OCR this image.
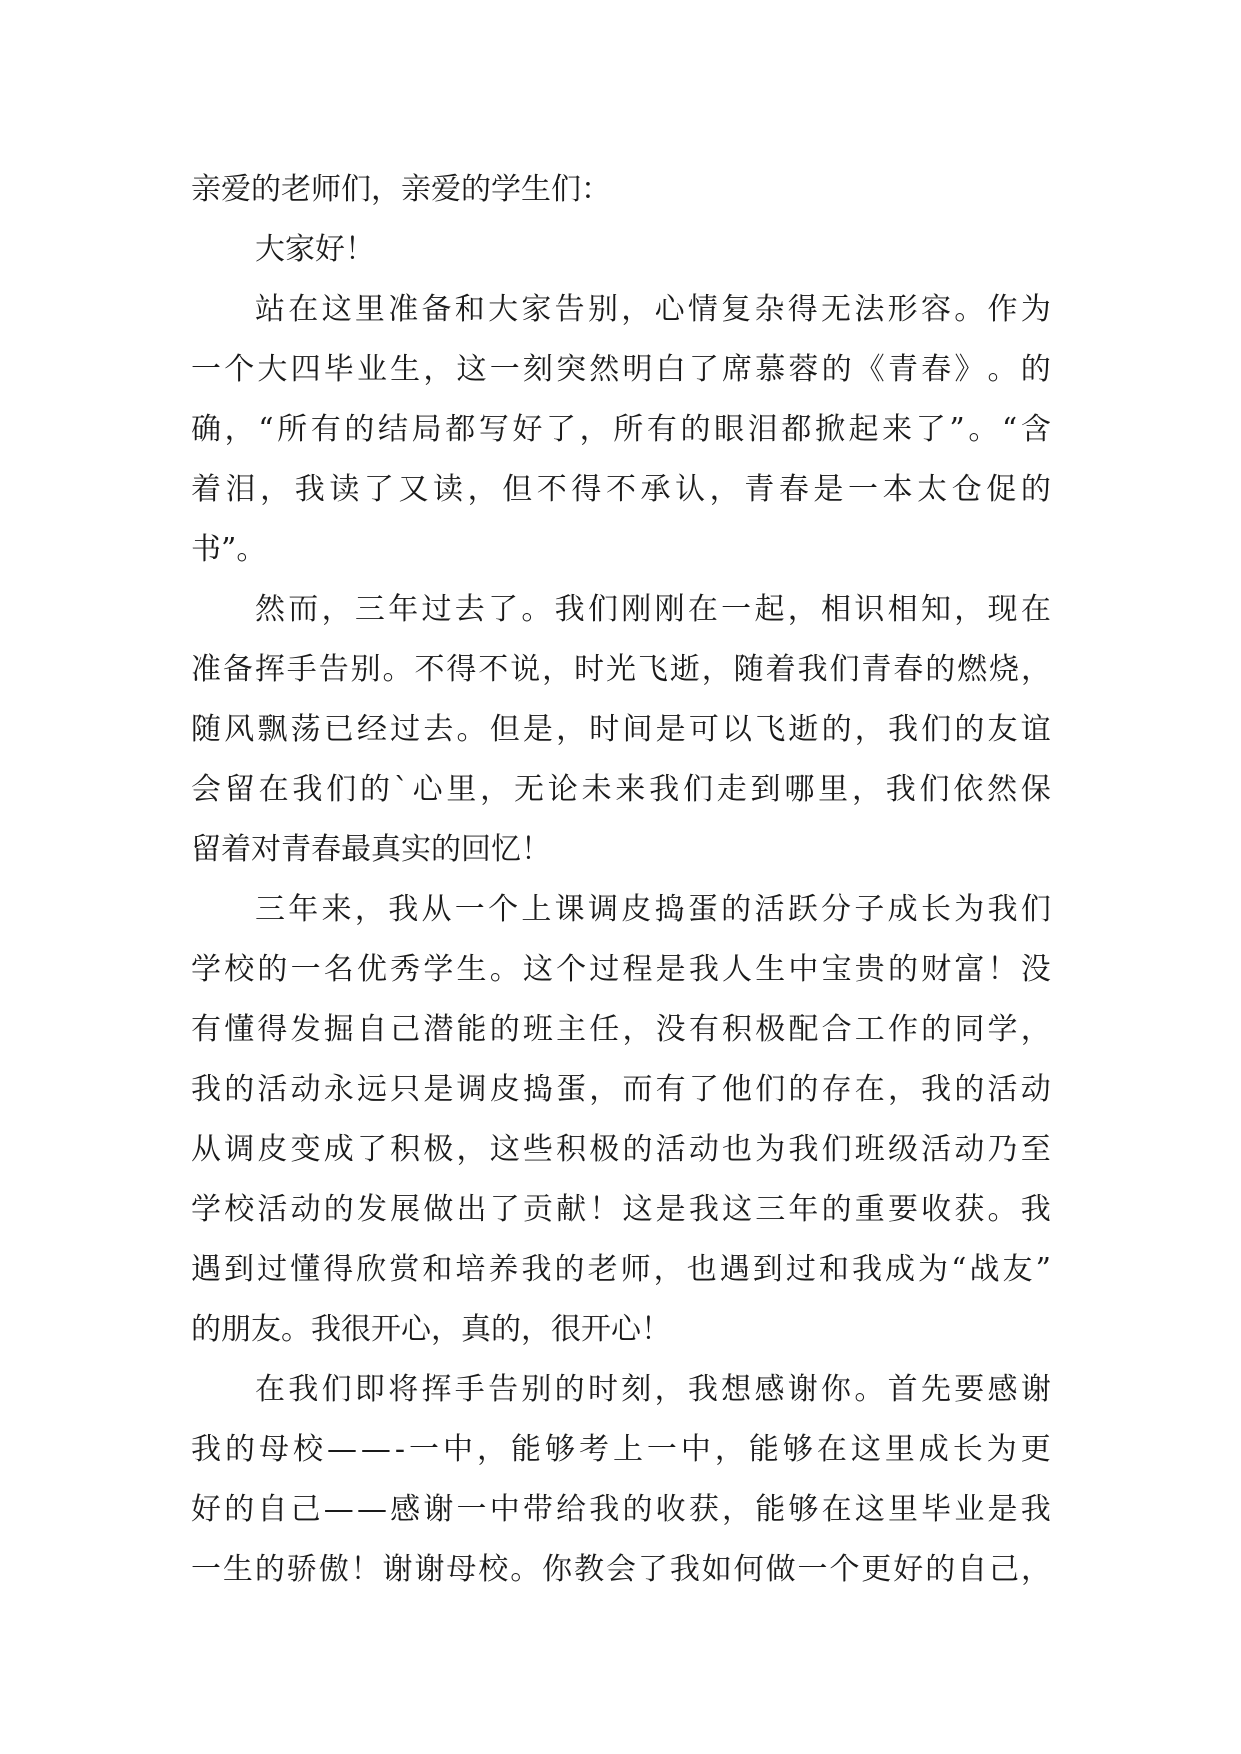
亲爱的老师们，亲爱的学生们：
大家好！
站 在 这 里 准 备 和 大 家 告 别 ， 心 情 复 杂 得 无 法 形 容 。 作 为
一 个 大 四 毕 业 生 ， 这 一 刻 突 然 明 白 了 席 慕 蓉 的 《 青 春 》 。 的
确 ， “ 所 有 的 结 局 都 写 好 了 ， 所 有 的 眼 泪 都 掀 起 来 了 ” 。 “ 含
着 泪 ， 我 读 了 又 读 ， 但 不 得 不 承 认 ， 青 春 是 一 本 太 仓 促 的
书”。
然 而 ， 三 年 过 去 了 。 我 们 刚 刚 在 一 起 ， 相 识 相 知 ， 现 在
准 备 挥 手 告 别 。 不 得 不 说 ， 时 光 飞 逝 ， 随 着 我 们 青 春 的 燃 烧 ，
随 风 飘 荡 已 经 过 去 。 但 是 ， 时 间 是 可 以 飞 逝 的 ， 我 们 的 友 谊
会 留 在 我 们 的 ` 心 里 ， 无 论 未 来 我 们 走 到 哪 里 ， 我 们 依 然 保
留着对青春最真实的回忆！
三 年 来 ， 我 从 一 个 上 课 调 皮 捣 蛋 的 活 跃 分 子 成 长 为 我 们
学 校 的 一 名 优 秀 学 生 。 这 个 过 程 是 我 人 生 中 宝 贵 的 财 富 ！ 没
有 懂 得 发 掘 自 己 潜 能 的 班 主 任 ， 没 有 积 极 配 合 工 作 的 同 学 ，
我 的 活 动 永 远 只 是 调 皮 捣 蛋 ， 而 有 了 他 们 的 存 在 ， 我 的 活 动
从 调 皮 变 成 了 积 极 ， 这 些 积 极 的 活 动 也 为 我 们 班 级 活 动 乃 至
学 校 活 动 的 发 展 做 出 了 贡 献 ！ 这 是 我 这 三 年 的 重 要 收 获 。 我
遇 到 过 懂 得 欣 赏 和 培 养 我 的 老 师 ， 也 遇 到 过 和 我 成 为 “ 战 友 ”
的朋友。我很开心，真的，很开心！
在 我 们 即 将 挥 手 告 别 的 时 刻 ， 我 想 感 谢 你 。 首 先 要 感 谢
我 的 母 校 — — - 一 中 ， 能 够 考 上 一 中 ， 能 够 在 这 里 成 长 为 更
好 的 自 己 — — 感 谢 一 中 带 给 我 的 收 获 ， 能 够 在 这 里 毕 业 是 我
一 生 的 骄 傲 ！ 谢 谢 母 校 。 你 教 会 了 我 如 何 做 一 个 更 好 的 自 己 ，
